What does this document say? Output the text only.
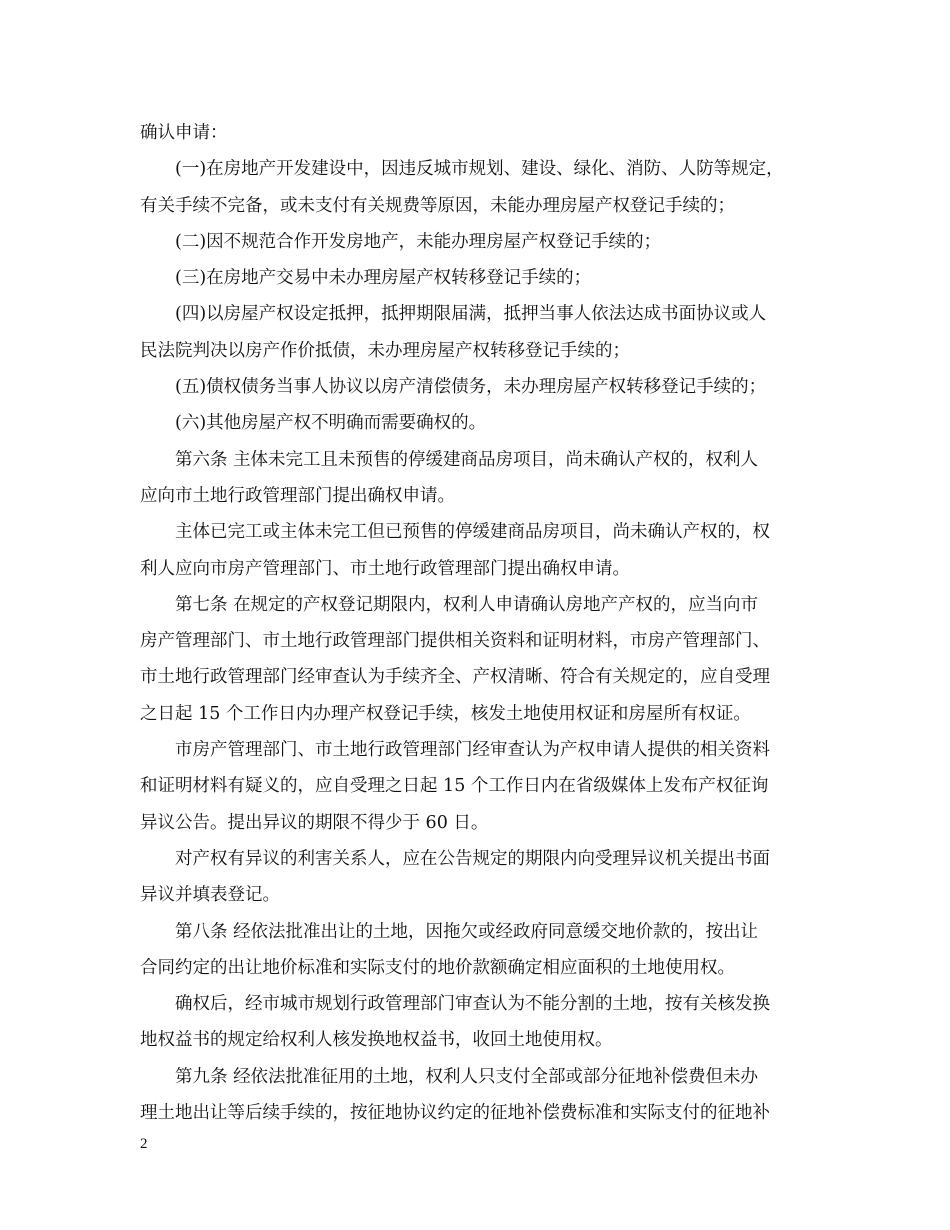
确认申请：
(一)在房地产开发建设中，因违反城市规划、建设、绿化、消防、人防等规定，
有关手续不完备，或未支付有关规费等原因，未能办理房屋产权登记手续的；
(二)因不规范合作开发房地产，未能办理房屋产权登记手续的；
(三)在房地产交易中未办理房屋产权转移登记手续的；
(四)以房屋产权设定抵押，抵押期限届满，抵押当事人依法达成书面协议或人
民法院判决以房产作价抵债，未办理房屋产权转移登记手续的；
(五)债权债务当事人协议以房产清偿债务，未办理房屋产权转移登记手续的；
(六)其他房屋产权不明确而需要确权的。
第六条 主体未完工且未预售的停缓建商品房项目，尚未确认产权的，权利人
应向市土地行政管理部门提出确权申请。
主体已完工或主体未完工但已预售的停缓建商品房项目，尚未确认产权的，权
利人应向市房产管理部门、市土地行政管理部门提出确权申请。
第七条 在规定的产权登记期限内，权利人申请确认房地产产权的，应当向市
房产管理部门、市土地行政管理部门提供相关资料和证明材料，市房产管理部门、
市土地行政管理部门经审查认为手续齐全、产权清晰、符合有关规定的，应自受理
之日起 15 个工作日内办理产权登记手续，核发土地使用权证和房屋所有权证。
市房产管理部门、市土地行政管理部门经审查认为产权申请人提供的相关资料
和证明材料有疑义的，应自受理之日起 15 个工作日内在省级媒体上发布产权征询
异议公告。提出异议的期限不得少于 60 日。
对产权有异议的利害关系人，应在公告规定的期限内向受理异议机关提出书面
异议并填表登记。
第八条 经依法批准出让的土地，因拖欠或经政府同意缓交地价款的，按出让
合同约定的出让地价标准和实际支付的地价款额确定相应面积的土地使用权。
确权后，经市城市规划行政管理部门审查认为不能分割的土地，按有关核发换
地权益书的规定给权利人核发换地权益书，收回土地使用权。
第九条 经依法批准征用的土地，权利人只支付全部或部分征地补偿费但未办
理土地出让等后续手续的，按征地协议约定的征地补偿费标准和实际支付的征地补
2
